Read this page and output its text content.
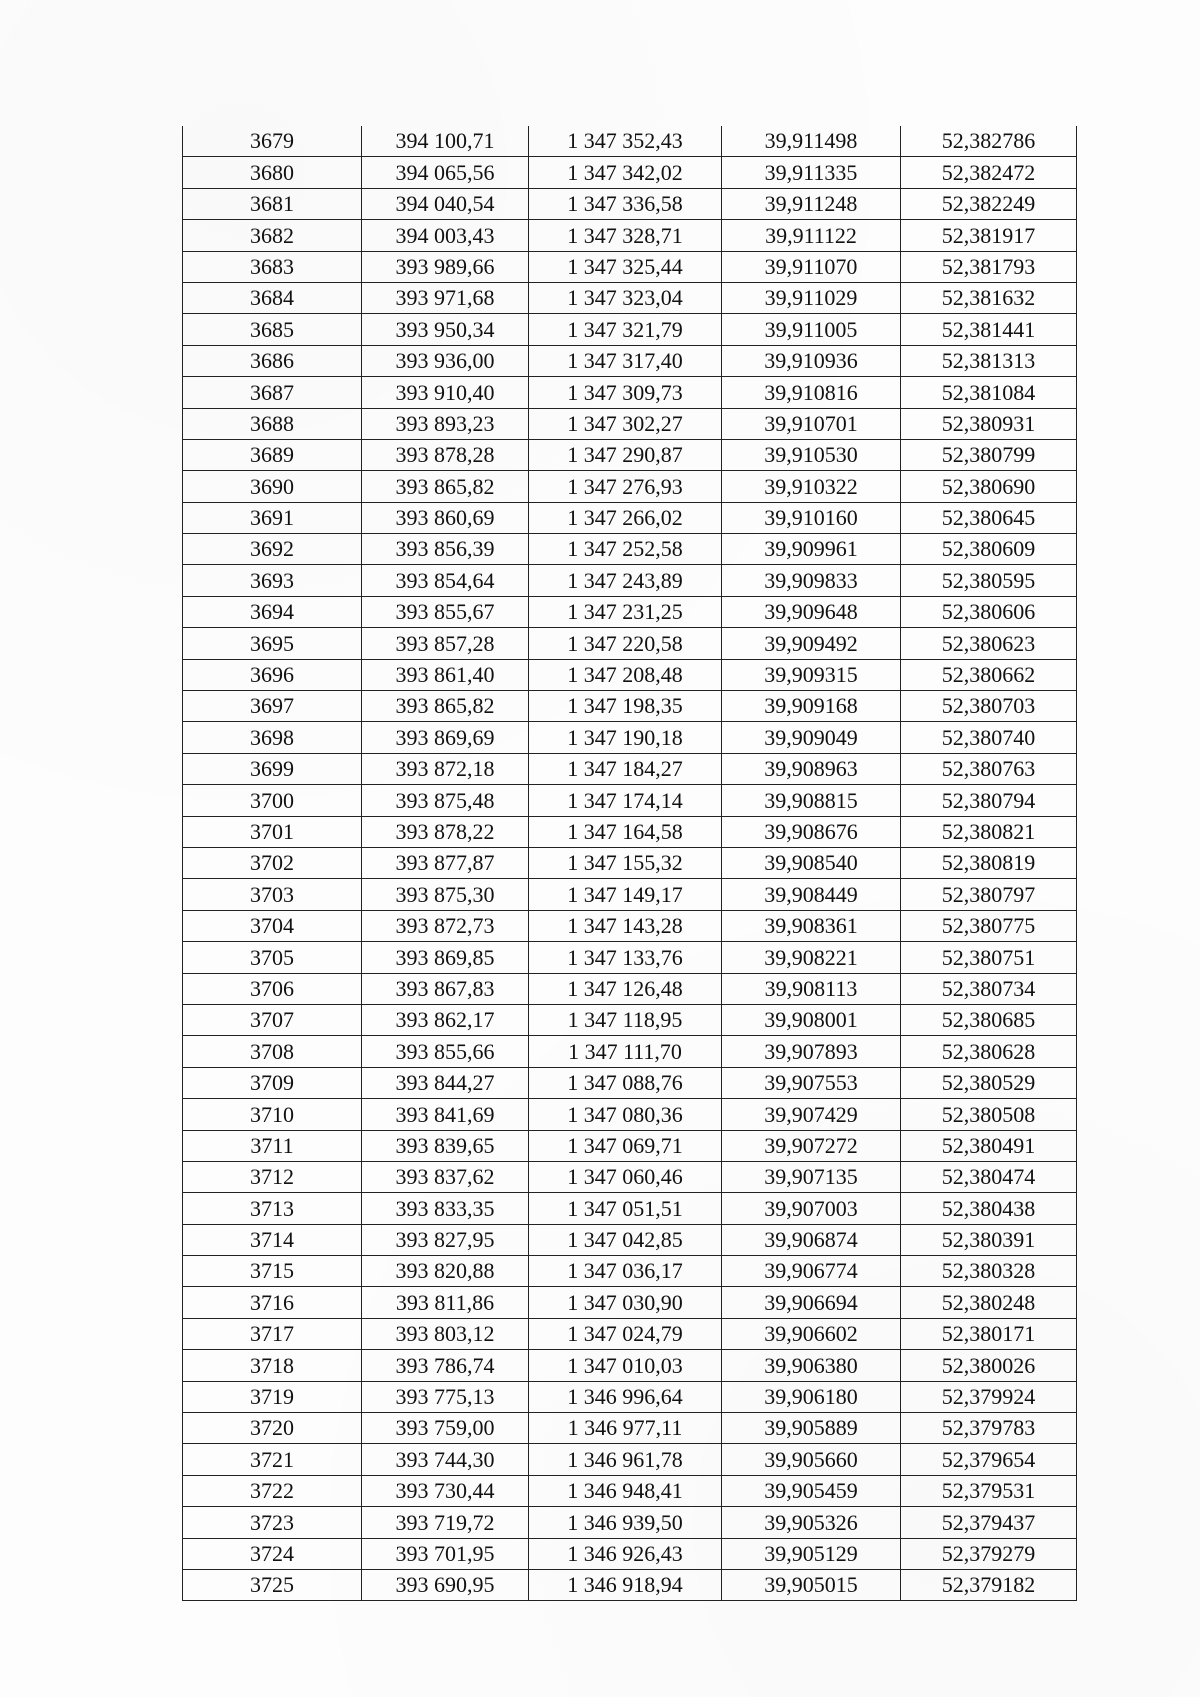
3679	394 100,71	1 347 352,43	39,911498	52,382786
3680	394 065,56	1 347 342,02	39,911335	52,382472
3681	394 040,54	1 347 336,58	39,911248	52,382249
3682	394 003,43	1 347 328,71	39,911122	52,381917
3683	393 989,66	1 347 325,44	39,911070	52,381793
3684	393 971,68	1 347 323,04	39,911029	52,381632
3685	393 950,34	1 347 321,79	39,911005	52,381441
3686	393 936,00	1 347 317,40	39,910936	52,381313
3687	393 910,40	1 347 309,73	39,910816	52,381084
3688	393 893,23	1 347 302,27	39,910701	52,380931
3689	393 878,28	1 347 290,87	39,910530	52,380799
3690	393 865,82	1 347 276,93	39,910322	52,380690
3691	393 860,69	1 347 266,02	39,910160	52,380645
3692	393 856,39	1 347 252,58	39,909961	52,380609
3693	393 854,64	1 347 243,89	39,909833	52,380595
3694	393 855,67	1 347 231,25	39,909648	52,380606
3695	393 857,28	1 347 220,58	39,909492	52,380623
3696	393 861,40	1 347 208,48	39,909315	52,380662
3697	393 865,82	1 347 198,35	39,909168	52,380703
3698	393 869,69	1 347 190,18	39,909049	52,380740
3699	393 872,18	1 347 184,27	39,908963	52,380763
3700	393 875,48	1 347 174,14	39,908815	52,380794
3701	393 878,22	1 347 164,58	39,908676	52,380821
3702	393 877,87	1 347 155,32	39,908540	52,380819
3703	393 875,30	1 347 149,17	39,908449	52,380797
3704	393 872,73	1 347 143,28	39,908361	52,380775
3705	393 869,85	1 347 133,76	39,908221	52,380751
3706	393 867,83	1 347 126,48	39,908113	52,380734
3707	393 862,17	1 347 118,95	39,908001	52,380685
3708	393 855,66	1 347 111,70	39,907893	52,380628
3709	393 844,27	1 347 088,76	39,907553	52,380529
3710	393 841,69	1 347 080,36	39,907429	52,380508
3711	393 839,65	1 347 069,71	39,907272	52,380491
3712	393 837,62	1 347 060,46	39,907135	52,380474
3713	393 833,35	1 347 051,51	39,907003	52,380438
3714	393 827,95	1 347 042,85	39,906874	52,380391
3715	393 820,88	1 347 036,17	39,906774	52,380328
3716	393 811,86	1 347 030,90	39,906694	52,380248
3717	393 803,12	1 347 024,79	39,906602	52,380171
3718	393 786,74	1 347 010,03	39,906380	52,380026
3719	393 775,13	1 346 996,64	39,906180	52,379924
3720	393 759,00	1 346 977,11	39,905889	52,379783
3721	393 744,30	1 346 961,78	39,905660	52,379654
3722	393 730,44	1 346 948,41	39,905459	52,379531
3723	393 719,72	1 346 939,50	39,905326	52,379437
3724	393 701,95	1 346 926,43	39,905129	52,379279
3725	393 690,95	1 346 918,94	39,905015	52,379182
